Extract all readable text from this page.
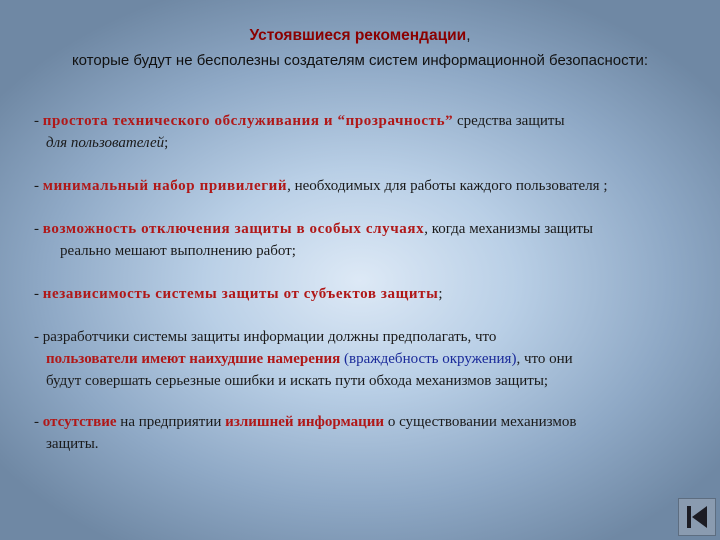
Устоявшиеся рекомендации,
которые будут не бесполезны создателям систем информационной безопасности:
- простота технического обслуживания и “прозрачность” средства защиты
для пользователей;
- минимальный набор привилегий, необходимых для работы каждого пользователя ;
- возможность отключения защиты в особых случаях, когда механизмы защиты
реально мешают выполнению работ;
- независимость системы защиты от субъектов защиты;
- разработчики системы защиты информации должны предполагать, что
пользователи имеют наихудшие намерения (враждебность окружения), что они
будут совершать серьезные ошибки и искать пути обхода механизмов защиты;
- отсутствие на предприятии излишней информации о существовании механизмов
защиты.
